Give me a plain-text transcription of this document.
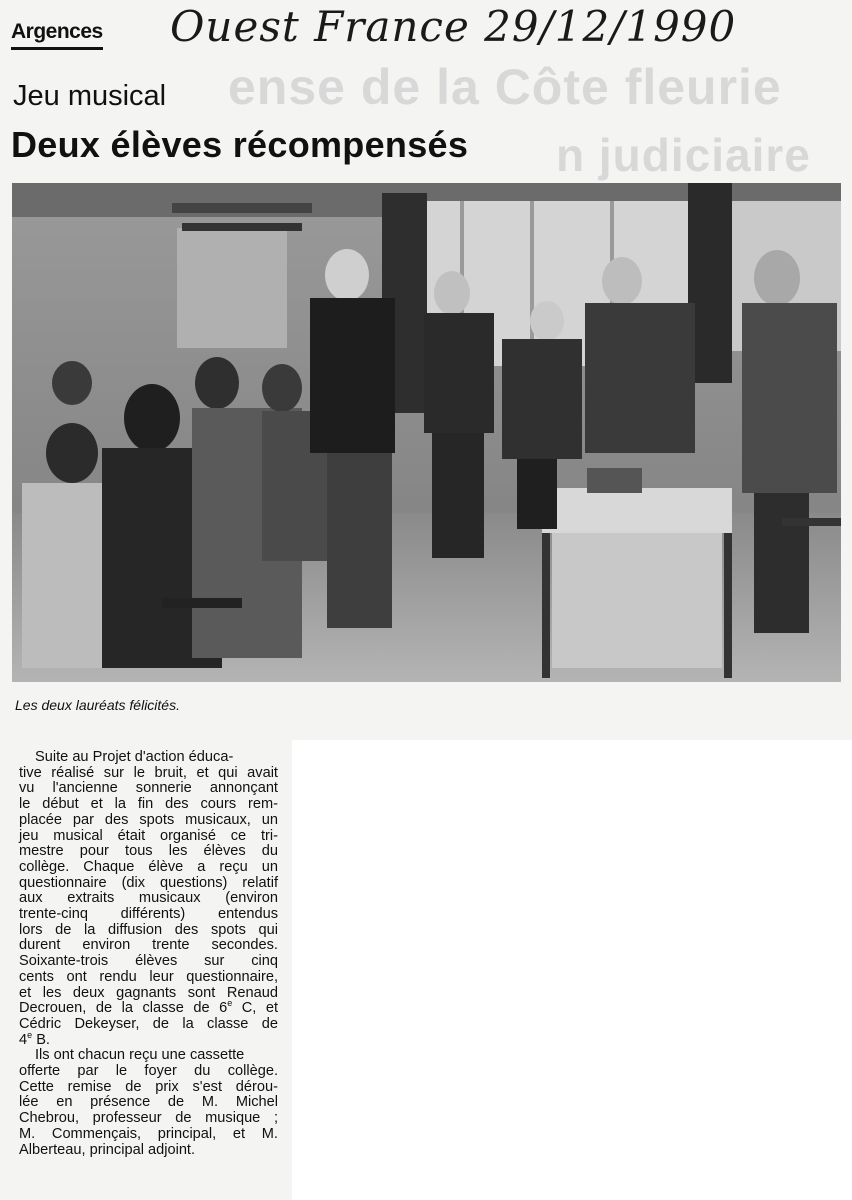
ense de la Côte fleurie
n judiciaire
Argences Ouest France 29/12/1990
Jeu musical
Deux élèves récompensés
Les deux lauréats félicités.
Suite au Projet d'action éduca-
tive réalisé sur le bruit, et qui avait
vu l'ancienne sonnerie annonçant
le début et la fin des cours rem-
placée par des spots musicaux, un
jeu musical était organisé ce tri-
mestre pour tous les élèves du
collège. Chaque élève a reçu un
questionnaire (dix questions) relatif
aux extraits musicaux (environ
trente-cinq différents) entendus
lors de la diffusion des spots qui
durent environ trente secondes.
Soixante-trois élèves sur cinq
cents ont rendu leur questionnaire,
et les deux gagnants sont Renaud
Decrouen, de la classe de 6e C, et
Cédric Dekeyser, de la classe de
4e B.
Ils ont chacun reçu une cassette
offerte par le foyer du collège.
Cette remise de prix s'est dérou-
lée en présence de M. Michel
Chebrou, professeur de musique ;
M. Commençais, principal, et M.
Alberteau, principal adjoint.
